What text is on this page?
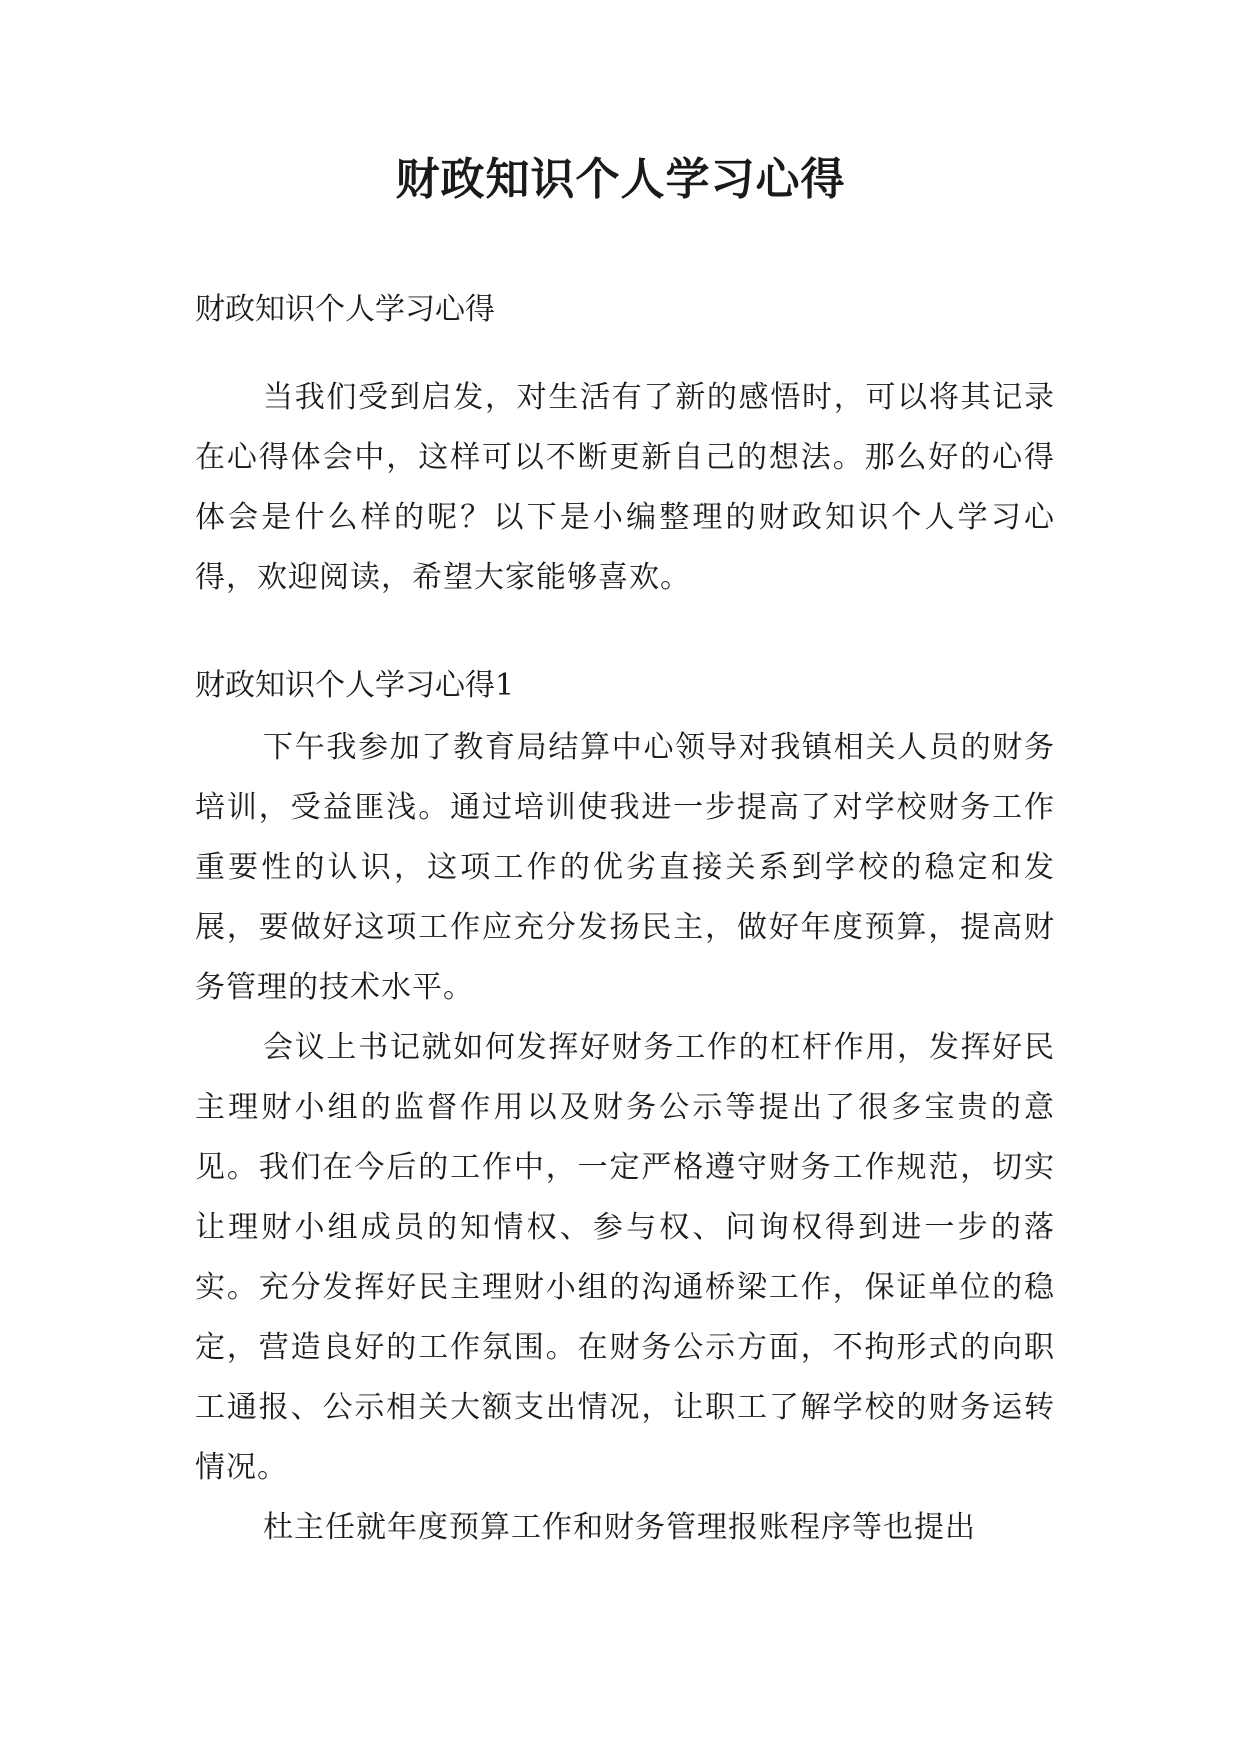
财政知识个人学习心得

财政知识个人学习心得

当我们受到启发，对生活有了新的感悟时，可以将其记录在心得体会中，这样可以不断更新自己的想法。那么好的心得体会是什么样的呢？以下是小编整理的财政知识个人学习心得，欢迎阅读，希望大家能够喜欢。

财政知识个人学习心得1

下午我参加了教育局结算中心领导对我镇相关人员的财务培训，受益匪浅。通过培训使我进一步提高了对学校财务工作重要性的认识，这项工作的优劣直接关系到学校的稳定和发展，要做好这项工作应充分发扬民主，做好年度预算，提高财务管理的技术水平。

会议上书记就如何发挥好财务工作的杠杆作用，发挥好民主理财小组的监督作用以及财务公示等提出了很多宝贵的意见。我们在今后的工作中，一定严格遵守财务工作规范，切实让理财小组成员的知情权、参与权、问询权得到进一步的落实。充分发挥好民主理财小组的沟通桥梁工作，保证单位的稳定，营造良好的工作氛围。在财务公示方面，不拘形式的向职工通报、公示相关大额支出情况，让职工了解学校的财务运转情况。

杜主任就年度预算工作和财务管理报账程序等也提出
